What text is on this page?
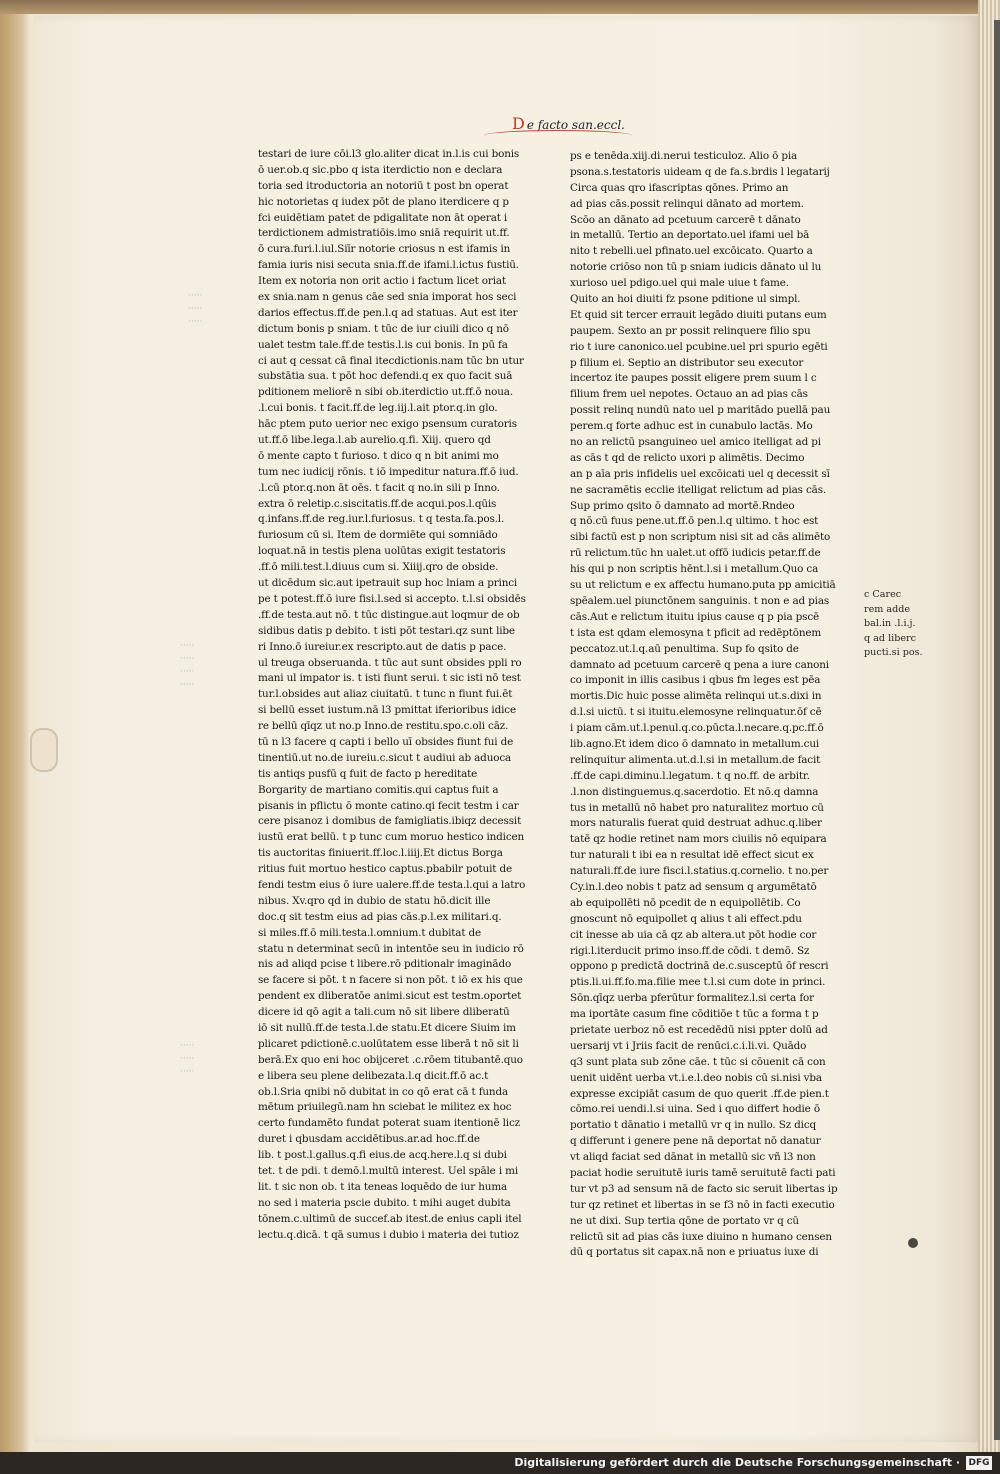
·····
·····
·····
·····
·····
·····
·····
·····
·····
·····
D e facto san.eccl.
testari de iure cōi.l3 glo.aliter dicat in.l.is cui bonis
ō uer.ob.q sic.pbo q ista iterdictio non e declara
toria sed itroductoria an notoriū t post bn operat
hic notorietas q iudex pōt de plano iterdicere q p
fci euidētiam patet de pdigalitate non āt operat i
terdictionem admistratiōis.imo sniā requirit ut.ff.
ō cura.furi.l.iul.Siīr notorie criosus n est ifamis in
famia iuris nisi secuta snia.ff.de ifami.l.ictus fustiū.
Item ex notoria non orit actio i factum licet oriat
ex snia.nam n genus cāe sed snia imporat hos seci
darios effectus.ff.de pen.l.q ad statuas. Aut est iter
dictum bonis p sniam. t tūc de iur ciuili dico q nō
ualet testm tale.ff.de testis.l.is cui bonis. In pū fa
ci aut q cessat cā final itecdictionis.nam tūc bn utur
substātia sua. t pōt hoc defendi.q ex quo facit suā
pditionem meliorē n sibi ob.iterdictio ut.ff.ō noua.
.l.cui bonis. t facit.ff.de leg.iij.l.ait ptor.q.in glo.
hāc ptem puto uerior nec exigo psensum curatoris
ut.ff.ō libe.lega.l.ab aurelio.q.fi. Xiij. quero qd
ō mente capto t furioso. t dico q n bit animi mo
tum nec iudicij rōnis. t iō impeditur natura.ff.ō iud.
.l.cū ptor.q.non āt oēs. t facit q no.in sili p Inno.
extra ō reletip.c.siscitatis.ff.de acqui.pos.l.qūis
q.infans.ff.de reg.iur.l.furiosus. t q testa.fa.pos.l.
furiosum cū si. Item de dormiēte qui somniādo
loquat.nā in testis plena uolūtas exigit testatoris
.ff.ō mili.test.l.diuus cum si. Xiiij.qro de obside.
ut dicēdum sic.aut ipetrauit sup hoc lniam a princi
pe t potest.ff.ō iure fisi.l.sed si accepto. t.l.si obsidēs
.ff.de testa.aut nō. t tūc distingue.aut loqmur de ob
sidibus datis p debito. t isti pōt testari.qz sunt libe
ri Inno.ō iureiur.ex rescripto.aut de datis p pace.
ul treuga obseruanda. t tūc aut sunt obsides ppli ro
mani ul impator is. t isti fiunt serui. t sic isti nō test
tur.l.obsides aut aliaz ciuitatū. t tunc n fiunt fui.ēt
si bellū esset iustum.nā l3 pmittat iferioribus idice
re bellū qīqz ut no.p Inno.de restitu.spo.c.oli cāz.
tū n l3 facere q capti i bello uī obsides fiunt fui de
tinentiū.ut no.de iureiu.c.sicut t audiui ab aduoca
tis antiqs pusfū q fuit de facto p hereditate
Borgarity de martiano comitis.qui captus fuit a
pisanis in pflictu ō monte catino.qi fecit testm i car
cere pisanoz i domibus de famigliatis.ibiqz decessit
iustū erat bellū. t p tunc cum moruo hestico indicen
tis auctoritas finiuerit.ff.loc.l.iiij.Et dictus Borga
ritius fuit mortuo hestico captus.pbabilr potuit de
fendi testm eius ō iure ualere.ff.de testa.l.qui a latro
nibus. Xv.qro qd in dubio de statu hō.dicit ille
doc.q sit testm eius ad pias cās.p.l.ex militari.q.
si miles.ff.ō mili.testa.l.omnium.t dubitat de
statu n determinat secū in intentōe seu in iudicio rō
nis ad aliqd pcise t libere.rō pditionalr imaginādo
se facere si pōt. t n facere si non pōt. t iō ex his que
pendent ex dliberatōe animi.sicut est testm.oportet
dicere id qō agit a tali.cum nō sit libere dliberatū
iō sit nullū.ff.de testa.l.de statu.Et dicere Siuim im
plicaret pdictionē.c.uolūtatem esse liberā t nō sit li
berā.Ex quo eni hoc obijceret .c.rōem titubantē.quo
e libera seu plene delibezata.l.q dicit.ff.ō ac.t
ob.l.Sria qnibi nō dubitat in co qō erat cā t funda
mētum priuilegū.nam hn sciebat le militez ex hoc
certo fundamēto fundat poterat suam itentionē licz
duret i qbusdam accidētibus.ar.ad hoc.ff.de
lib. t post.l.gallus.q.fi eius.de acq.here.l.q si dubi
tet. t de pdi. t demō.l.multū interest. Uel spāle i mi
lit. t sic non ob. t ita teneas loquēdo de iur huma
no sed i materia pscie dubito. t mihi auget dubita
tōnem.c.ultimū de succef.ab itest.de enius capli itel
lectu.q.dicā. t qā sumus i dubio i materia dei tutioz
ps e tenēda.xiij.di.nerui testiculoz. Alio ō pia
psona.s.testatoris uideam q de fa.s.brdis l legatarij
Circa quas qro ifascriptas qōnes. Primo an
ad pias cās.possit relinqui dānato ad mortem.
Scōo an dānato ad pcetuum carcerē t dānato
in metallū. Tertio an deportato.uel ifami uel bā
nito t rebelli.uel pfinato.uel excōicato. Quarto a
notorie criōso non tū p sniam iudicis dānato ul lu
xurioso uel pdigo.uel qui male uiue t fame.
Quito an hoi diuiti fz psone pditione ul simpl.
Et quid sit tercer errauit legādo diuiti putans eum
paupem. Sexto an pr possit relinquere filio spu
rio t iure canonico.uel pcubine.uel pri spurio egēti
p filium ei. Septio an distributor seu executor
incertoz ite paupes possit eligere prem suum l c
filium frem uel nepotes. Octauo an ad pias cās
possit relinq nundū nato uel p maritādo puellā pau
perem.q forte adhuc est in cunabulo lactās. Mo
no an relictū psanguineo uel amico itelligat ad pi
as cās t qd de relicto uxori p alimētis. Decimo
an p aīa pris infidelis uel excōicati uel q decessit sī
ne sacramētis ecclie itelligat relictum ad pias cās.
Sup primo qsito ō damnato ad mortē.Rndeo
q nō.cū fuus pene.ut.ff.ō pen.l.q ultimo. t hoc est
sibi factū est p non scriptum nisi sit ad cās alimēto
rū relictum.tūc hn ualet.ut offō iudicis petar.ff.de
his qui p non scriptis hēnt.l.si i metallum.Quo ca
su ut relictum e ex affectu humano.puta pp amicitiā
spēalem.uel piunctōnem sanguinis. t non e ad pias
cās.Aut e relictum ituitu ipius cause q p pia pscē
t ista est qdam elemosyna t pficit ad redēptōnem
peccatoz.ut.l.q.aū penultima. Sup fo qsito de
damnato ad pcetuum carcerē q pena a iure canoni
co imponit in illis casibus i qbus fm leges est pēa
mortis.Dic huic posse alimēta relinqui ut.s.dixi in
d.l.si uictū. t si ituitu.elemosyne relinquatur.ōf cē
i piam cām.ut.l.penul.q.co.pūcta.l.necare.q.pc.ff.ō
lib.agno.Et idem dico ō damnato in metallum.cui
relinquitur alimenta.ut.d.l.si in metallum.de facit
.ff.de capi.diminu.l.legatum. t q no.ff. de arbitr.
.l.non distinguemus.q.sacerdotio. Et nō.q damna
tus in metallū nō habet pro naturalitez mortuo cū
mors naturalis fuerat quid destruat adhuc.q.liber
tatē qz hodie retinet nam mors ciuilis nō equipara
tur naturali t ibi ea n resultat idē effect sicut ex
naturali.ff.de iure fisci.l.statius.q.cornelio. t no.per
Cy.in.l.deo nobis t patz ad sensum q argumētatō
ab equipollēti nō pcedit de n equipollētib. Co
gnoscunt nō equipollet q alius t ali effect.pdu
cit inesse ab uia cā qz ab altera.ut pōt hodie cor
rigi.l.iterducit primo inso.ff.de cōdi. t demō. Sz
oppono p predictā doctrinā de.c.susceptū ōf rescri
ptis.li.ui.ff.fo.ma.filie mee t.l.si cum dote in princi.
Sōn.qīqz uerba pferūtur formalitez.l.si certa for
ma iportāte casum fine cōditiōe t tūc a forma t p
prietate uerboz nō est recedēdū nisi ppter dolū ad
uersarij vt i Jriis facit de renūci.c.i.li.vi. Quādo
q3 sunt plata sub zōne cāe. t tūc si cōuenit cā con
uenit uidēnt uerba vt.i.e.l.deo nobis cū si.nisi vba
expresse excipiāt casum de quo querit .ff.de pien.t
cōmo.rei uendi.l.si uina. Sed i quo differt hodie ō
portatio t dānatio i metallū vr q in nullo. Sz dicq
q differunt i genere pene nā deportat nō danatur
vt aliqd faciat sed dānat in metallū sic vñ l3 non
paciat hodie seruitutē iuris tamē seruitutē facti pati
tur vt p3 ad sensum nā de facto sic seruit libertas ip
tur qz retinet et libertas in se f3 nō in facti executio
ne ut dixi. Sup tertia qōne de portato vr q cū
relictū sit ad pias cās iuxe diuino n humano censen
dū q portatus sit capax.nā non e priuatus iuxe di
c Carec
rem adde
bal.in .l.i.j.
q ad liberc
pucti.si pos.
Digitalisierung gefördert durch die Deutsche Forschungsgemeinschaft · DFG
